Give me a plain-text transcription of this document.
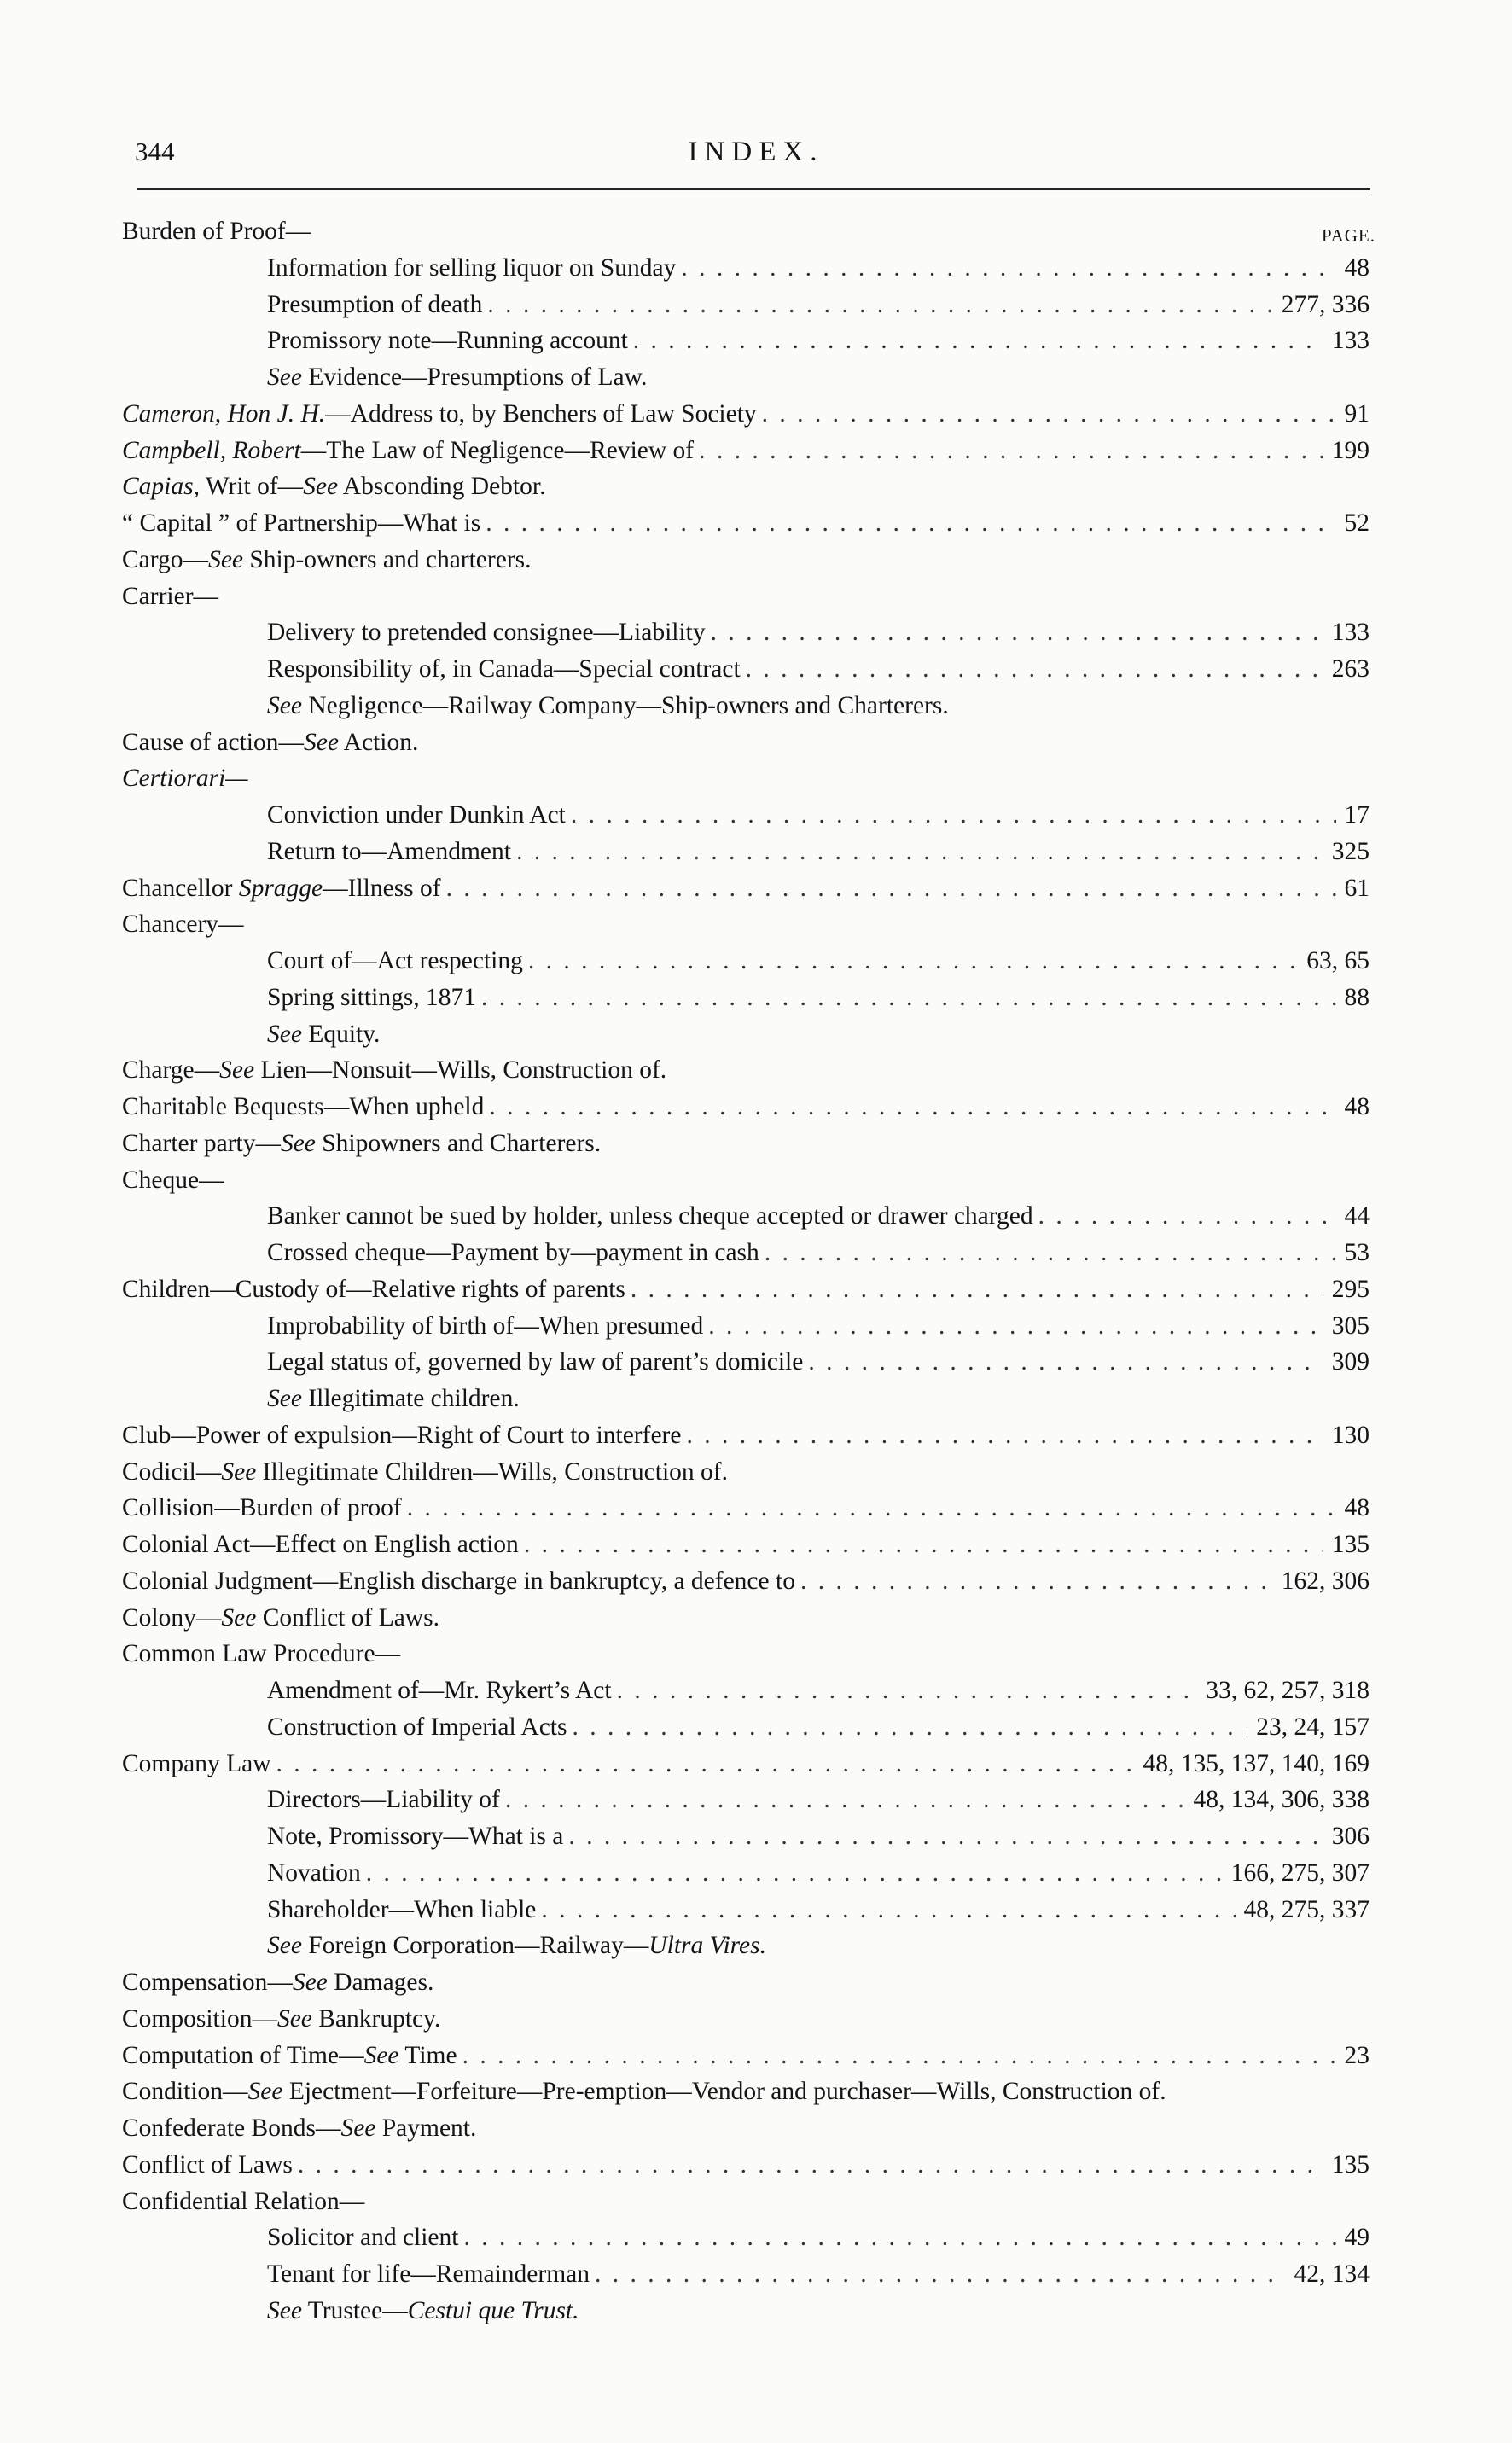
344	INDEX.
PAGE.
Burden of Proof—
Information for selling liquor on Sunday . . .	48
Presumption of death . . .	277, 336
Promissory note—Running account . . .	133
See Evidence—Presumptions of Law.
Cameron, Hon J. H.—Address to, by Benchers of Law Society . . .	91
Campbell, Robert—The Law of Negligence—Review of . . .	199
Capias, Writ of—See Absconding Debtor.
“ Capital ” of Partnership—What is . . .	52
Cargo—See Ship-owners and charterers.
Carrier—
Delivery to pretended consignee—Liability . . .	133
Responsibility of, in Canada—Special contract . . .	263
See Negligence—Railway Company—Ship-owners and Charterers.
Cause of action—See Action.
Certiorari—
Conviction under Dunkin Act . . .	17
Return to—Amendment . . .	325
Chancellor Spragge—Illness of . . .	61
Chancery—
Court of—Act respecting . . .	63, 65
Spring sittings, 1871 . . .	88
See Equity.
Charge—See Lien—Nonsuit—Wills, Construction of.
Charitable Bequests—When upheld . . .	48
Charter party—See Shipowners and Charterers.
Cheque—
Banker cannot be sued by holder, unless cheque accepted or drawer charged . . .	44
Crossed cheque—Payment by—payment in cash . . .	53
Children—Custody of—Relative rights of parents . . .	295
Improbability of birth of—When presumed . . .	305
Legal status of, governed by law of parent’s domicile . . .	309
See Illegitimate children.
Club—Power of expulsion—Right of Court to interfere . . .	130
Codicil—See Illegitimate Children—Wills, Construction of.
Collision—Burden of proof . . .	48
Colonial Act—Effect on English action . . .	135
Colonial Judgment—English discharge in bankruptcy, a defence to . . .	162, 306
Colony—See Conflict of Laws.
Common Law Procedure—
Amendment of—Mr. Rykert’s Act . . .	33, 62, 257, 318
Construction of Imperial Acts . . .	23, 24, 157
Company Law . . .	48, 135, 137, 140, 169
Directors—Liability of . . .	48, 134, 306, 338
Note, Promissory—What is a . . .	306
Novation . . .	166, 275, 307
Shareholder—When liable . . .	48, 275, 337
See Foreign Corporation—Railway—Ultra Vires.
Compensation—See Damages.
Composition—See Bankruptcy.
Computation of Time—See Time . . .	23
Condition—See Ejectment—Forfeiture—Pre-emption—Vendor and purchaser—Wills, Construction of.
Confederate Bonds—See Payment.
Conflict of Laws . . .	135
Confidential Relation—
Solicitor and client . . .	49
Tenant for life—Remainderman . . .	42, 134
See Trustee—Cestui que Trust.
